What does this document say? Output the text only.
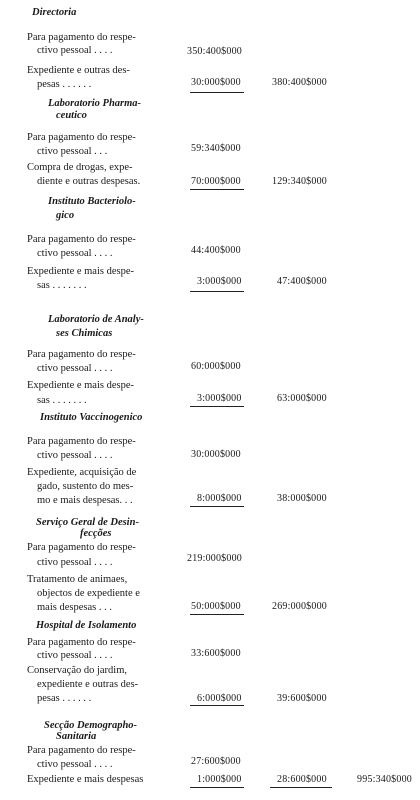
Directoria
Para pagamento do respe-
ctivo pessoal . . . .	350:400$000
Expediente e outras des-
pesas . . . . . .	30:000$000	380:400$000
Laboratorio Pharma-
ceutico
Para pagamento do respe-
ctivo pessoal . . .	59:340$000
Compra de drogas, expe-
diente e outras despesas.	70:000$000	129:340$000
Instituto Bacteriolo-
gico
Para pagamento do respe-
ctivo pessoal . . . .	44:400$000
Expediente e mais despe-
sas . . . . . . .	3:000$000	47:400$000
Laboratorio de Analy-
ses Chimicas
Para pagamento do respe-
ctivo pessoal . . . .	60:000$000
Expediente e mais despe-
sas . . . . . . .	3:000$000	63:000$000
Instituto Vaccinogenico
Para pagamento do respe-
ctivo pessoal . . . .	30:000$000
Expediente, acquisição de
gado, sustento do mes-
mo e mais despesas. . .	8:000$000	38:000$000
Serviço Geral de Desin-
fecções
Para pagamento do respe-
ctivo pessoal . . . .	219:000$000
Tratamento de animaes,
objectos de expediente e
mais despesas . . .	50:000$000	269:000$000
Hospital de Isolamento
Para pagamento do respe-
ctivo pessoal . . . .	33:600$000
Conservação do jardim,
expediente e outras des-
pesas . . . . . .	6:000$000	39:600$000
Secção Demographo-
Sanitaria
Para pagamento do respe-
ctivo pessoal . . . .	27:600$000
Expediente e mais despesas	1:000$000	28:600$000	995:340$000
